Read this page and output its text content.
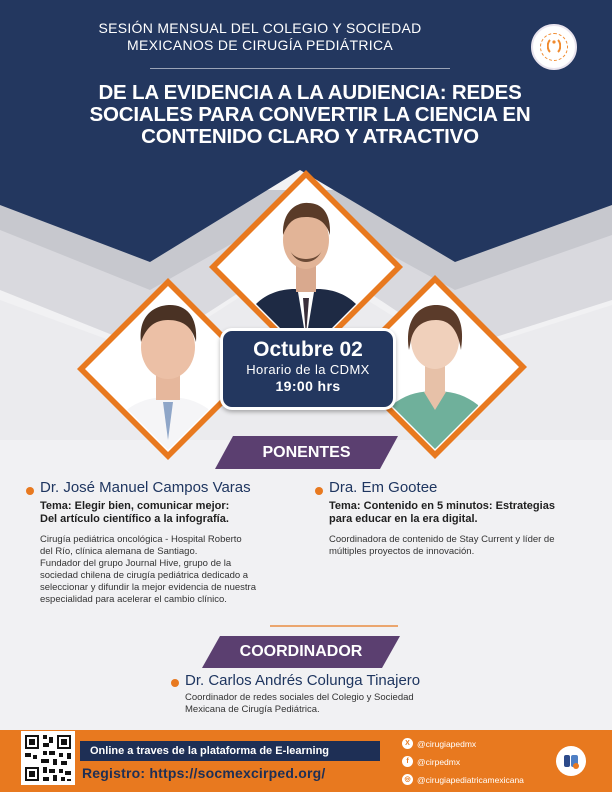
SESIÓN MENSUAL DEL COLEGIO Y SOCIEDAD
MEXICANOS DE CIRUGÍA PEDIÁTRICA
DE LA EVIDENCIA A LA AUDIENCIA: REDES
SOCIALES PARA CONVERTIR LA CIENCIA EN
CONTENIDO CLARO Y ATRACTIVO
Octubre 02
Horario de la CDMX
19:00 hrs
PONENTES
Dr. José Manuel Campos Varas
Tema: Elegir bien, comunicar mejor:
Del artículo científico a la infografía.
Cirugía pediátrica oncológica - Hospital Roberto
del Río, clínica alemana de Santiago.
Fundador del grupo Journal Hive, grupo de la
sociedad chilena de cirugía pediátrica dedicado a
seleccionar y difundir la mejor evidencia de nuestra
especialidad para acelerar el cambio clínico.
Dra. Em Gootee
Tema: Contenido en 5 minutos: Estrategias
para educar en la era digital.
Coordinadora de contenido de Stay Current y líder de
múltiples proyectos de innovación.
COORDINADOR
Dr. Carlos Andrés Colunga Tinajero
Coordinador de redes sociales del Colegio y Sociedad
Mexicana de Cirugía Pediátrica.
Online a traves de la plataforma de E-learning
Registro: https://socmexcirped.org/
X @cirugiapedmx
f @cirpedmx
◎ @cirugiapediatricamexicana
